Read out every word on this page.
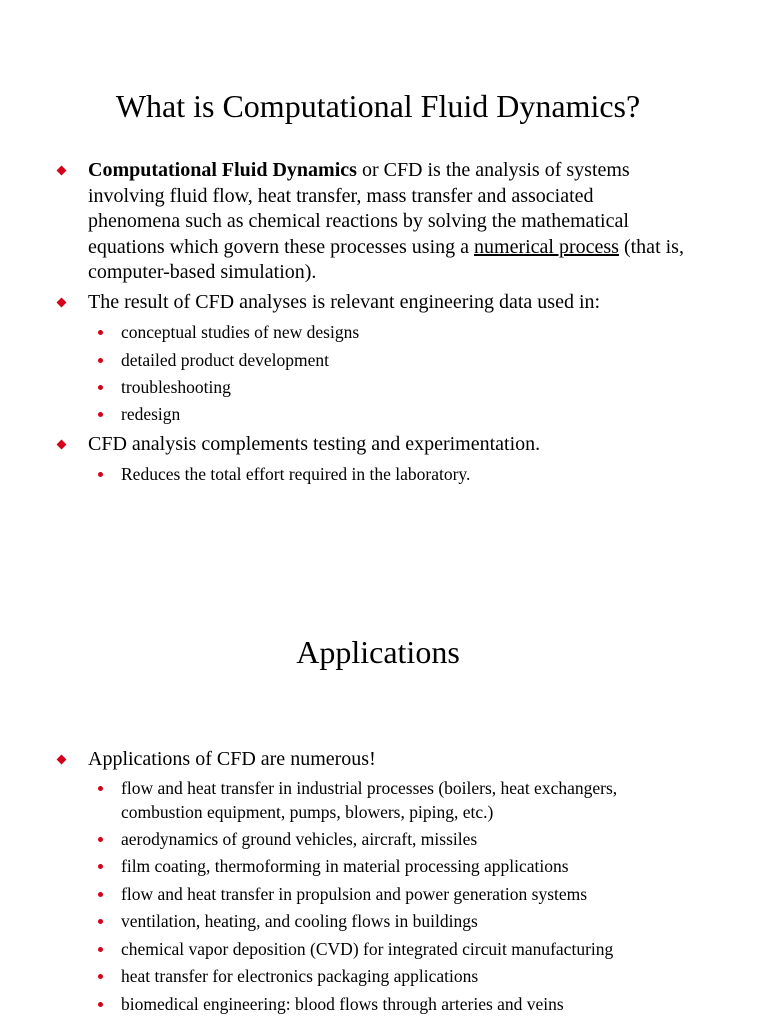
What is Computational Fluid Dynamics?
Computational Fluid Dynamics or CFD is the analysis of systems involving fluid flow, heat transfer, mass transfer and associated phenomena such as chemical reactions by solving the mathematical equations which govern these processes using a numerical process (that is, computer-based simulation).
The result of CFD analyses is relevant engineering data used in:
conceptual studies of new designs
detailed product development
troubleshooting
redesign
CFD analysis complements testing and experimentation.
Reduces the total effort required in the laboratory.
Applications
Applications of CFD are numerous!
flow and heat transfer in industrial processes (boilers, heat exchangers, combustion equipment, pumps, blowers, piping, etc.)
aerodynamics of ground vehicles, aircraft, missiles
film coating, thermoforming in material processing applications
flow and heat transfer in propulsion and power generation systems
ventilation, heating, and cooling flows in buildings
chemical vapor deposition (CVD) for integrated circuit manufacturing
heat transfer for electronics packaging applications
biomedical engineering: blood flows through arteries and veins
